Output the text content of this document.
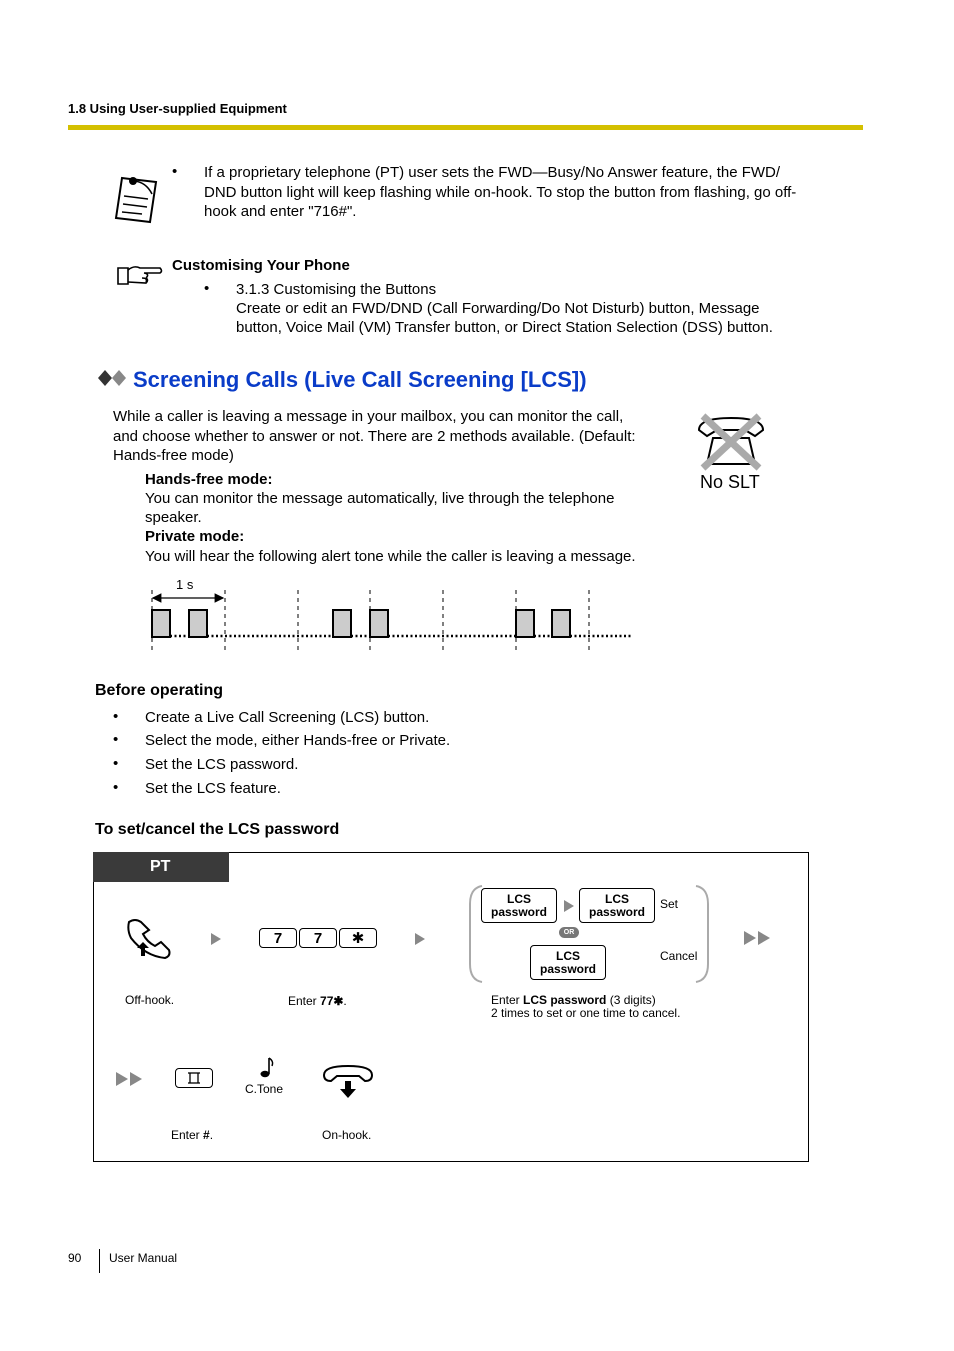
1.8 Using User-supplied Equipment
• If a proprietary telephone (PT) user sets the FWD—Busy/No Answer feature, the FWD/
DND button light will keep flashing while on-hook. To stop the button from flashing, go off-
hook and enter "716#".
Customising Your Phone
• 3.1.3 Customising the Buttons
Create or edit an FWD/DND (Call Forwarding/Do Not Disturb) button, Message
button, Voice Mail (VM) Transfer button, or Direct Station Selection (DSS) button.
Screening Calls (Live Call Screening [LCS])
While a caller is leaving a message in your mailbox, you can monitor the call,
and choose whether to answer or not. There are 2 methods available. (Default:
Hands-free mode)
No SLT
Hands-free mode:
You can monitor the message automatically, live through the telephone
speaker.
Private mode:
You will hear the following alert tone while the caller is leaving a message.
1 s
Before operating
• Create a Live Call Screening (LCS) button.
• Select the mode, either Hands-free or Private.
• Set the LCS password.
• Set the LCS feature.
To set/cancel the LCS password
PT
Off-hook.
7	7	✱
Enter 77✱.
LCS
password
LCS
password
Set
OR
LCS
password
Cancel
Enter LCS password (3 digits)
2 times to set or one time to cancel.
Enter #.
C.Tone
On-hook.
90 User Manual
